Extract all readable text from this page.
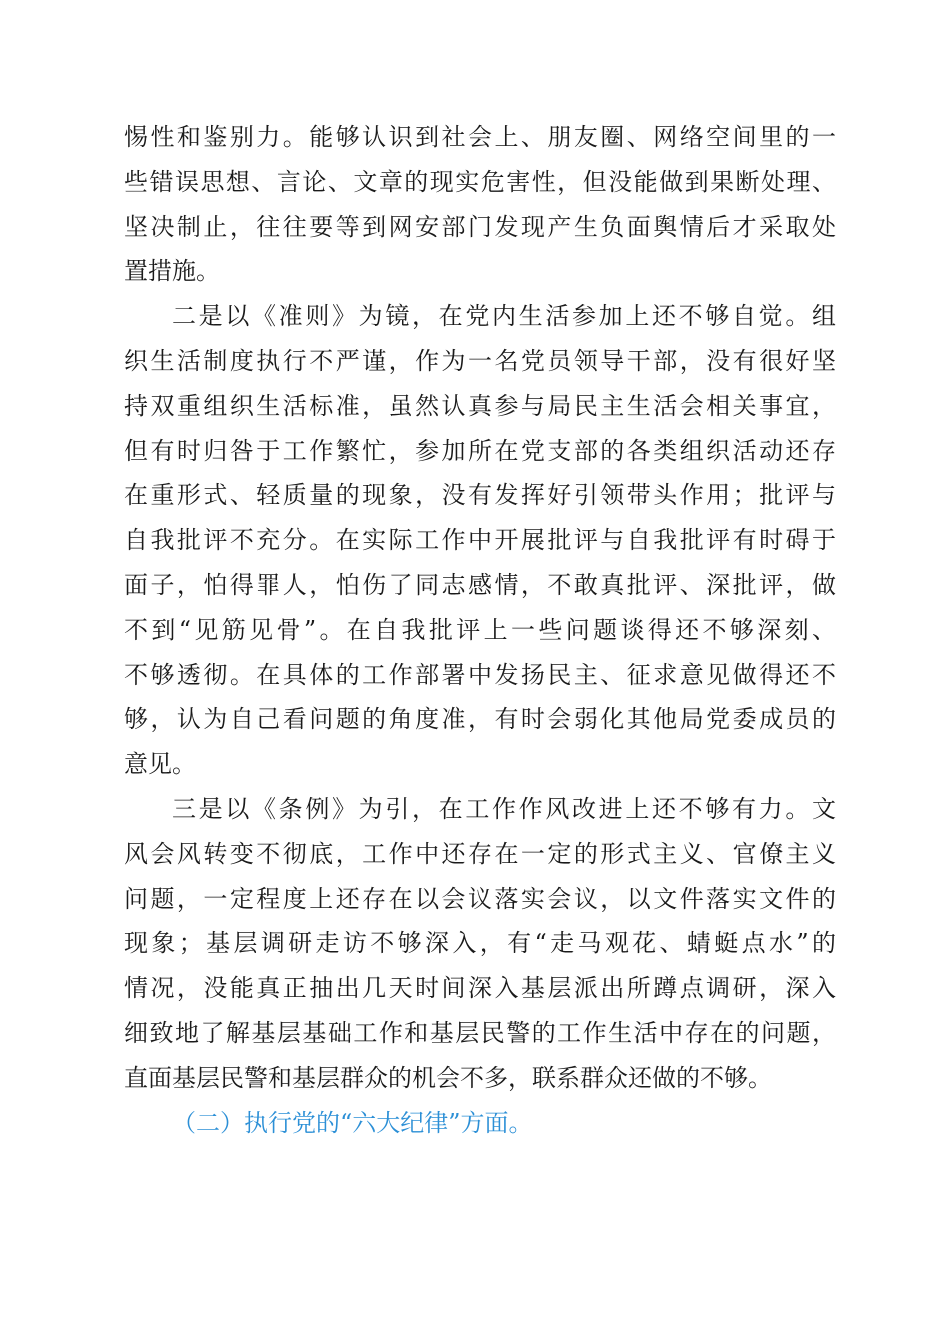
惕性和鉴别力。能够认识到社会上、朋友圈、网络空间里的一
些错误思想、言论、文章的现实危害性，但没能做到果断处理、
坚决制止，往往要等到网安部门发现产生负面舆情后才采取处
置措施。
二是以《准则》为镜，在党内生活参加上还不够自觉。组
织生活制度执行不严谨，作为一名党员领导干部，没有很好坚
持双重组织生活标准，虽然认真参与局民主生活会相关事宜，
但有时归咎于工作繁忙，参加所在党支部的各类组织活动还存
在重形式、轻质量的现象，没有发挥好引领带头作用；批评与
自我批评不充分。在实际工作中开展批评与自我批评有时碍于
面子，怕得罪人，怕伤了同志感情，不敢真批评、深批评，做
不到“见筋见骨”。在自我批评上一些问题谈得还不够深刻、
不够透彻。在具体的工作部署中发扬民主、征求意见做得还不
够，认为自己看问题的角度准，有时会弱化其他局党委成员的
意见。
三是以《条例》为引，在工作作风改进上还不够有力。文
风会风转变不彻底，工作中还存在一定的形式主义、官僚主义
问题，一定程度上还存在以会议落实会议，以文件落实文件的
现象；基层调研走访不够深入，有“走马观花、蜻蜓点水”的
情况，没能真正抽出几天时间深入基层派出所蹲点调研，深入
细致地了解基层基础工作和基层民警的工作生活中存在的问题，
直面基层民警和基层群众的机会不多，联系群众还做的不够。
（二）执行党的“六大纪律”方面。
